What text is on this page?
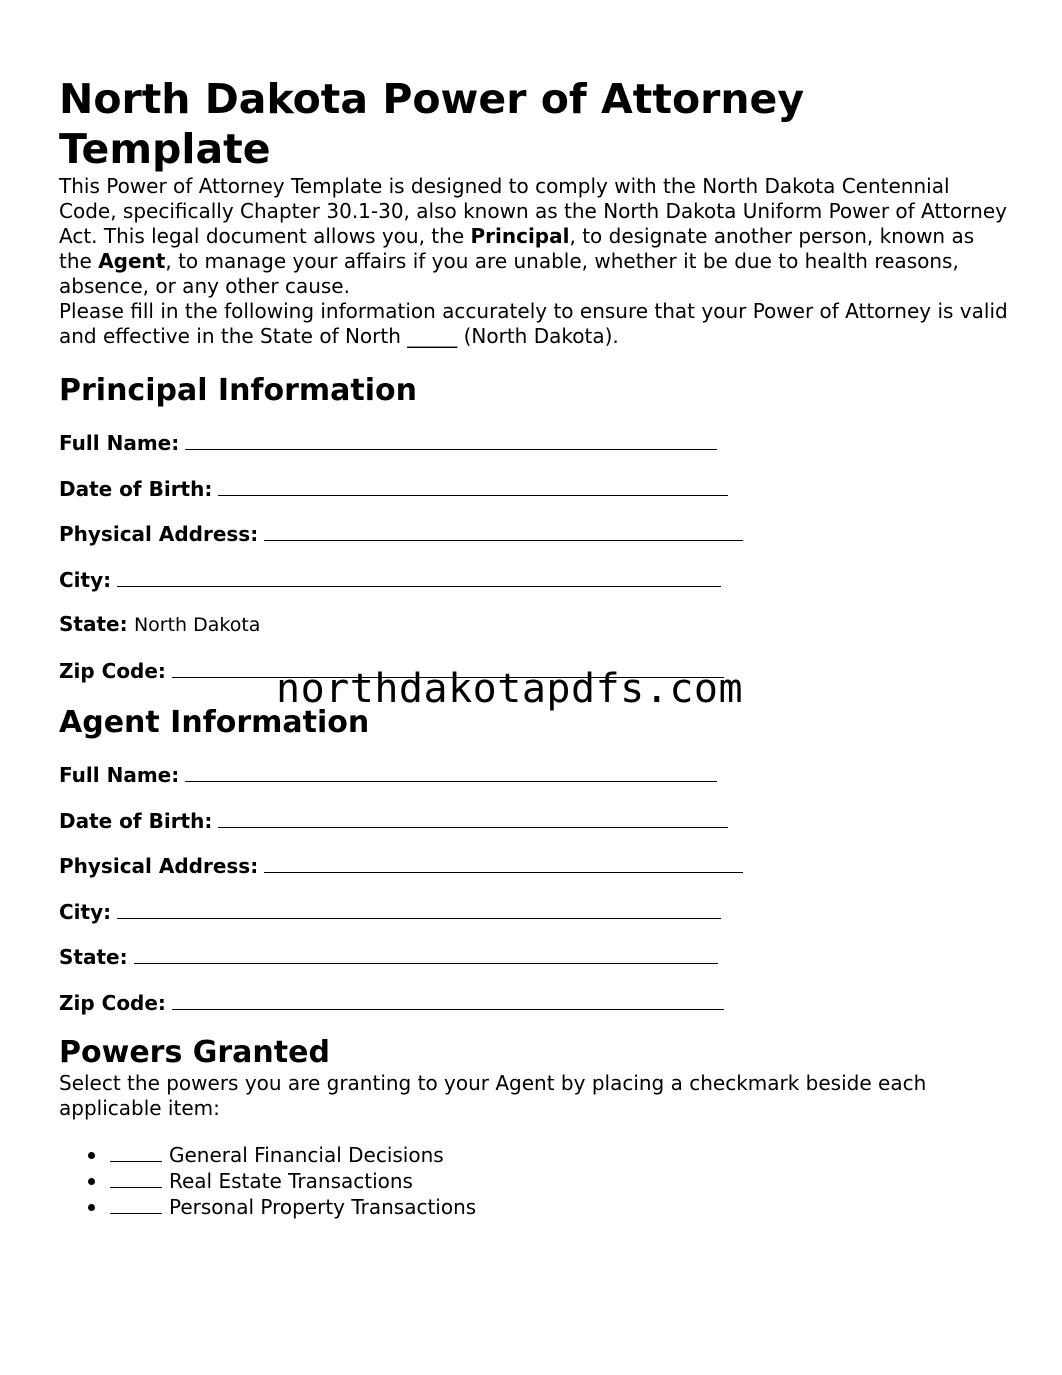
North Dakota Power of Attorney Template

This Power of Attorney Template is designed to comply with the North Dakota Centennial Code, specifically Chapter 30.1-30, also known as the North Dakota Uniform Power of Attorney Act. This legal document allows you, the Principal, to designate another person, known as the Agent, to manage your affairs if you are unable, whether it be due to health reasons, absence, or any other cause.

Please fill in the following information accurately to ensure that your Power of Attorney is valid and effective in the State of North _____ (North Dakota).

Principal Information
Full Name:
Date of Birth:
Physical Address:
City:
State: North Dakota
Zip Code:
Agent Information
Full Name:
Date of Birth:
Physical Address:
City:
State:
Zip Code:
Powers Granted

Select the powers you are granting to your Agent by placing a checkmark beside each applicable item:

General Financial Decisions
Real Estate Transactions
Personal Property Transactions
northdakotapdfs.com
